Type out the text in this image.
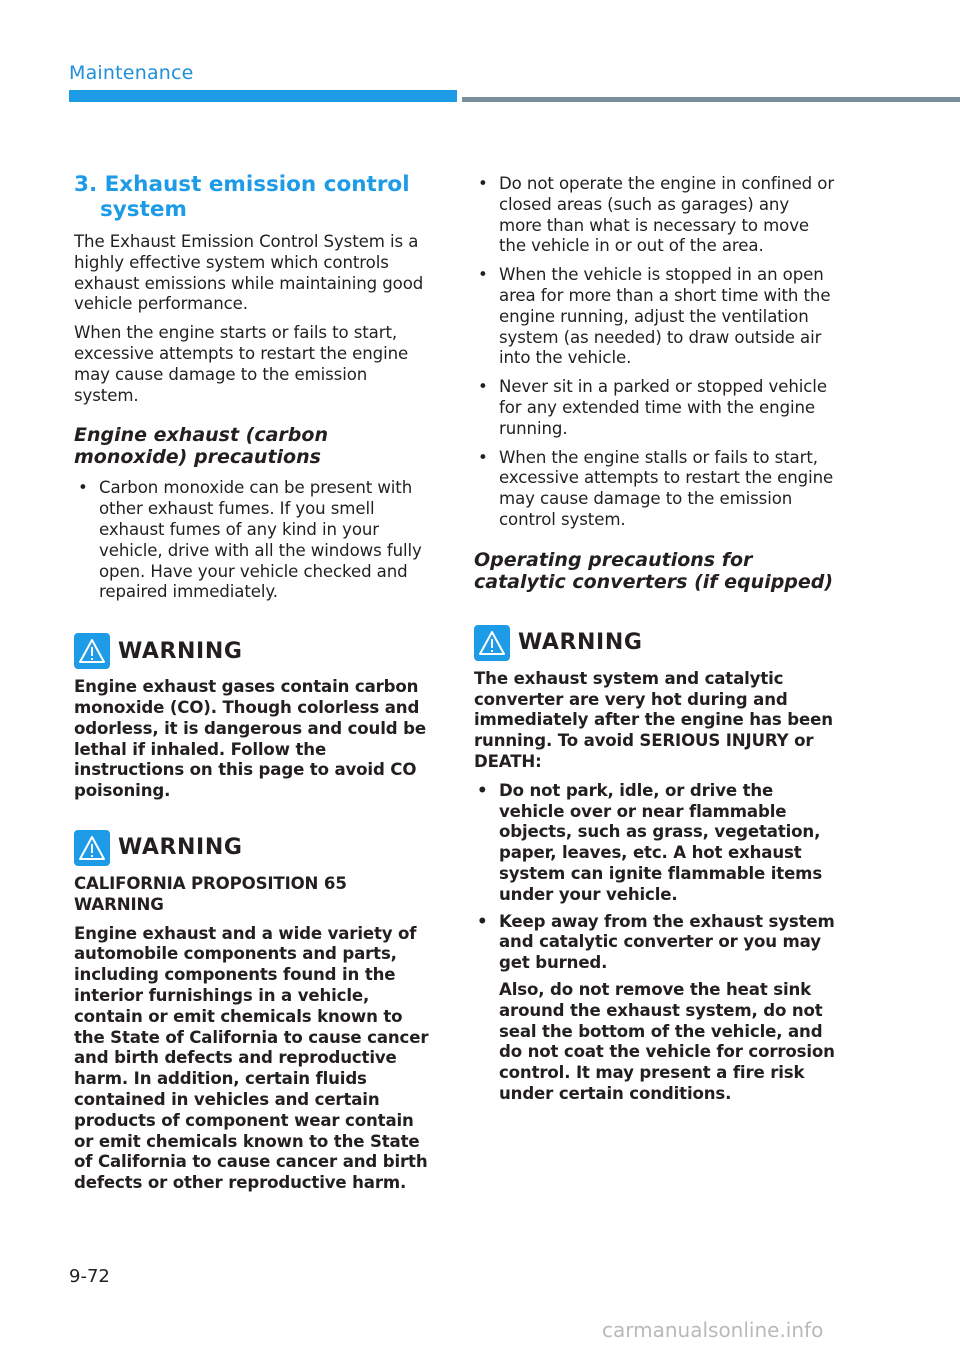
Maintenance
3. Exhaust emission control system
The Exhaust Emission Control System is a highly effective system which controls exhaust emissions while maintaining good vehicle performance.
When the engine starts or fails to start, excessive attempts to restart the engine may cause damage to the emission system.
Engine exhaust (carbon monoxide) precautions
• Carbon monoxide can be present with other exhaust fumes. If you smell exhaust fumes of any kind in your vehicle, drive with all the windows fully open. Have your vehicle checked and repaired immediately.
WARNING
Engine exhaust gases contain carbon monoxide (CO). Though colorless and odorless, it is dangerous and could be lethal if inhaled. Follow the instructions on this page to avoid CO poisoning.
WARNING
CALIFORNIA PROPOSITION 65 WARNING
Engine exhaust and a wide variety of automobile components and parts, including components found in the interior furnishings in a vehicle, contain or emit chemicals known to the State of California to cause cancer and birth defects and reproductive harm. In addition, certain fluids contained in vehicles and certain products of component wear contain or emit chemicals known to the State of California to cause cancer and birth defects or other reproductive harm.
• Do not operate the engine in confined or closed areas (such as garages) any more than what is necessary to move the vehicle in or out of the area.
• When the vehicle is stopped in an open area for more than a short time with the engine running, adjust the ventilation system (as needed) to draw outside air into the vehicle.
• Never sit in a parked or stopped vehicle for any extended time with the engine running.
• When the engine stalls or fails to start, excessive attempts to restart the engine may cause damage to the emission control system.
Operating precautions for catalytic converters (if equipped)
WARNING
The exhaust system and catalytic converter are very hot during and immediately after the engine has been running. To avoid SERIOUS INJURY or DEATH:
• Do not park, idle, or drive the vehicle over or near flammable objects, such as grass, vegetation, paper, leaves, etc. A hot exhaust system can ignite flammable items under your vehicle.
• Keep away from the exhaust system and catalytic converter or you may get burned.
Also, do not remove the heat sink around the exhaust system, do not seal the bottom of the vehicle, and do not coat the vehicle for corrosion control. It may present a fire risk under certain conditions.
9-72
carmanualsonline.info
